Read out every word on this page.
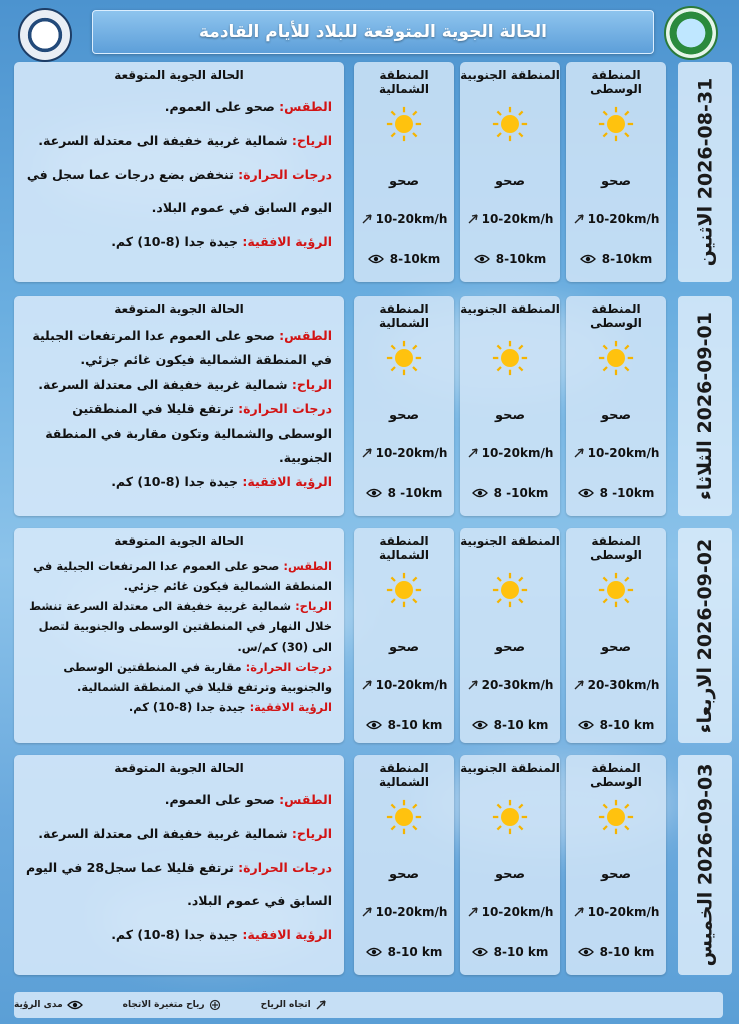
الحالة الجوية المتوقعة للبلاد للأيام القادمة
2026-08-31 الاثنين
المنطقة الوسطى
صحو
10-20km/h
8-10km
المنطقة الجنوبية
صحو
10-20km/h
8-10km
المنطقة الشمالية
صحو
10-20km/h
8-10km
الحالة الجوية المتوقعة

الطقس: صحو على العموم.

الرياح: شمالية غربية خفيفة الى معتدلة السرعة.

درجات الحرارة: تنخفض بضع درجات عما سجل في اليوم السابق في عموم البلاد.

الرؤية الافقية: جيدة جدا (8-10) كم.

2026-09-01 الثلاثاء
المنطقة الوسطى
صحو
10-20km/h
8 -10km
المنطقة الجنوبية
صحو
10-20km/h
8 -10km
المنطقة الشمالية
صحو
10-20km/h
8 -10km
الحالة الجوية المتوقعة

الطقس: صحو على العموم عدا المرتفعات الجبلية في المنطقة الشمالية فيكون غائم جزئي.

الرياح: شمالية غربية خفيفة الى معتدلة السرعة.

درجات الحرارة: ترتفع قليلا في المنطقتين الوسطى والشمالية وتكون مقاربة في المنطقة الجنوبية.

الرؤية الافقية: جيدة جدا (8-10) كم.

2026-09-02 الاربعاء
المنطقة الوسطى
صحو
20-30km/h
8-10 km
المنطقة الجنوبية
صحو
20-30km/h
8-10 km
المنطقة الشمالية
صحو
10-20km/h
8-10 km
الحالة الجوية المتوقعة

الطقس: صحو على العموم عدا المرتفعات الجبلية في المنطقة الشمالية فيكون غائم جزئي.

الرياح: شمالية غربية خفيفة الى معتدلة السرعة تنشط خلال النهار في المنطقتين الوسطى والجنوبية لتصل الى (30) كم/س.

درجات الحرارة: مقاربة في المنطقتين الوسطى والجنوبية وترتفع قليلا في المنطقة الشمالية.

الرؤية الافقية: جيدة جدا (8-10) كم.

2026-09-03 الخميس
المنطقة الوسطى
صحو
10-20km/h
8-10 km
المنطقة الجنوبية
صحو
10-20km/h
8-10 km
المنطقة الشمالية
صحو
10-20km/h
8-10 km
الحالة الجوية المتوقعة

الطقس: صحو على العموم.

الرياح: شمالية غربية خفيفة الى معتدلة السرعة.

درجات الحرارة: ترتفع قليلا عما سجل28 في اليوم السابق في عموم البلاد.

الرؤية الافقية: جيدة جدا (8-10) كم.

اتجاه الرياح
رياح متغيرة الاتجاه
مدى الرؤية
